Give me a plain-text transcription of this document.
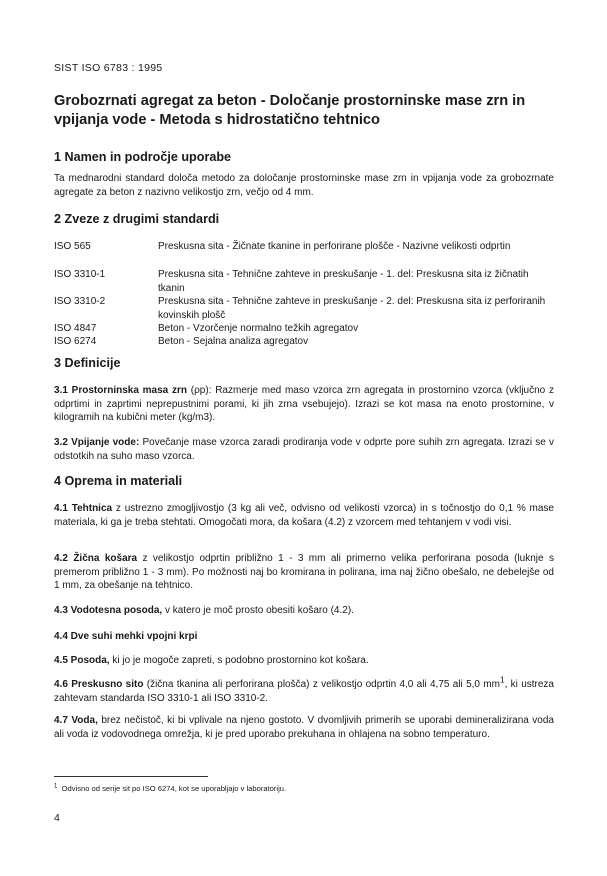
SIST ISO 6783 : 1995
Grobozrnati agregat za beton - Določanje prostorninske mase zrn in vpijanja vode - Metoda s hidrostatično tehtnico
1 Namen in področje uporabe

Ta mednarodni standard določa metodo za določanje prostorninske mase zrn in vpijanja vode za grobozrnate agregate za beton z nazivno velikostjo zrn, večjo od 4 mm.

2 Zveze z drugimi standardi
ISO 565	Preskusna sita - Žičnate tkanine in perforirane ploščе - Nazivne velikosti odprtin
ISO 3310-1	Preskusna sita - Tehnične zahteve in preskušanje - 1. del: Preskusna sita iz žičnatih tkanin
ISO 3310-2	Preskusna sita - Tehnične zahteve in preskušanje - 2. del: Preskusna sita iz perforiranih kovinskih plošč
ISO 4847	Beton - Vzorčenje normalno težkih agregatov
ISO 6274	Beton - Sejalna analiza agregatov
3 Definicije

3.1 Prostorninska masa zrn (ρp): Razmerje med maso vzorca zrn agregata in prostornino vzorca (vključno z odprtimi in zaprtimi neprepustnimi porami, ki jih zrna vsebujejo). Izrazi se kot masa na enoto prostornine, v kilogramih na kubični meter (kg/m3).

3.2 Vpijanje vode: Povečanje mase vzorca zaradi prodiranja vode v odprte pore suhih zrn agregata. Izrazi se v odstotkih na suho maso vzorca.

4 Oprema in materiali

4.1 Tehtnica z ustrezno zmogljivostjo (3 kg ali več, odvisno od velikosti vzorca) in s točnostjo do 0,1 % mase materiala, ki ga je treba stehtati. Omogočati mora, da košara (4.2) z vzorcem med tehtanjem v vodi visi.

4.2 Žična košara z velikostjo odprtin približno 1 - 3 mm ali primerno velika perforirana posoda (luknje s premerom približno 1 - 3 mm). Po možnosti naj bo kromirana in polirana, ima naj žično obešalo, ne debelejše od 1 mm, za obešanje na tehtnico.

4.3 Vodotesna posoda, v katero je moč prosto obesiti košaro (4.2).

4.4 Dve suhi mehki vpojni krpi

4.5 Posoda, ki jo je mogoče zapreti, s podobno prostornino kot košara.

4.6 Preskusno sito (žična tkanina ali perforirana plošča) z velikostjo odprtin 4,0 ali 4,75 ali 5,0 $mm^1$, ki ustreza zahtevam standarda ISO 3310-1 ali ISO 3310-2.

4.7 Voda, brez nečistoč, ki bi vplivale na njeno gostoto. V dvomljivih primerih se uporabi demineralizirana voda ali voda iz vodovodnega omrežja, ki je pred uporabo prekuhana in ohlajena na sobno temperaturo.

$^1$ Odvisno od serije sit po ISO 6274, kot se uporabljajo v laboratoriju.
4
